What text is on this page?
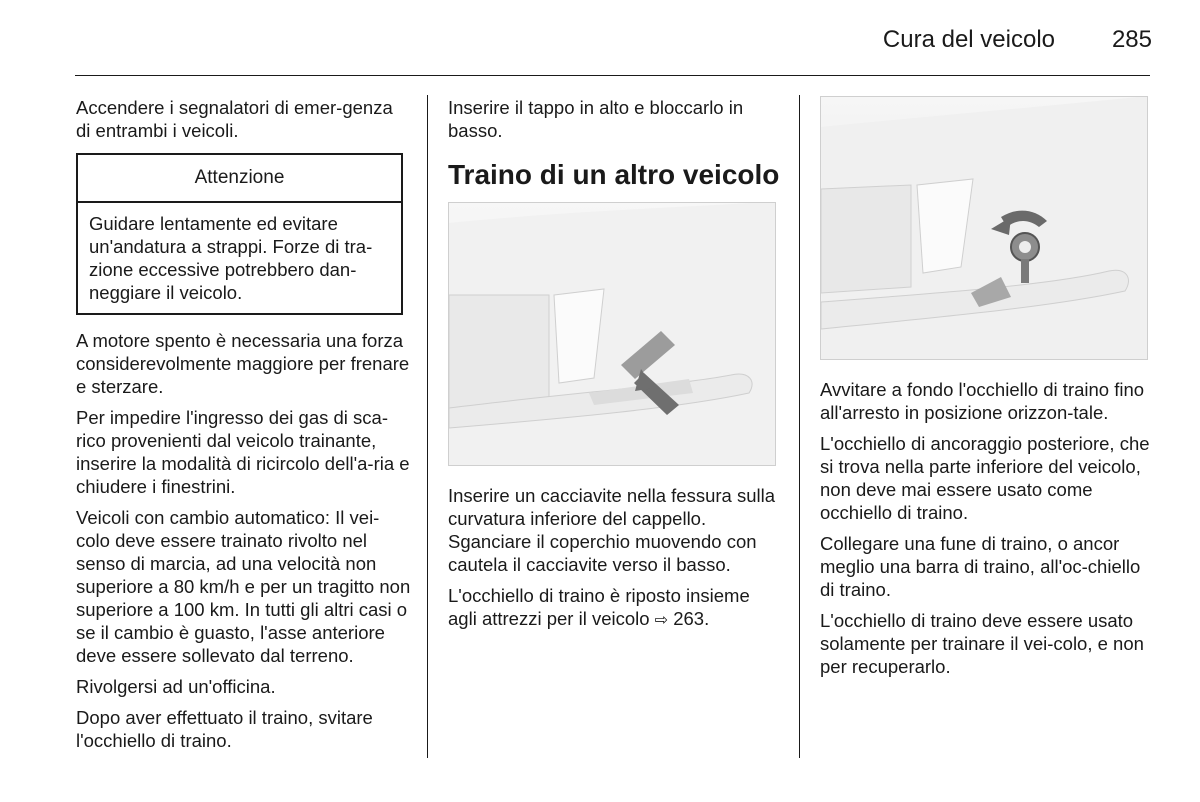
Cura del veicolo	285

Accendere i segnalatori di emer-genza di entrambi i veicoli.

Attenzione
Guidare lentamente ed evitare un'andatura a strappi. Forze di tra-zione eccessive potrebbero dan-neggiare il veicolo.

A motore spento è necessaria una forza considerevolmente maggiore per frenare e sterzare.

Per impedire l'ingresso dei gas di sca-rico provenienti dal veicolo trainante, inserire la modalità di ricircolo dell'a-ria e chiudere i finestrini.

Veicoli con cambio automatico: Il vei-colo deve essere trainato rivolto nel senso di marcia, ad una velocità non superiore a 80 km/h e per un tragitto non superiore a 100 km. In tutti gli altri casi o se il cambio è guasto, l'asse anteriore deve essere sollevato dal terreno.

Rivolgersi ad un'officina.

Dopo aver effettuato il traino, svitare l'occhiello di traino.

Inserire il tappo in alto e bloccarlo in basso.

Traino di un altro veicolo

Inserire un cacciavite nella fessura sulla curvatura inferiore del cappello. Sganciare il coperchio muovendo con cautela il cacciavite verso il basso.

L'occhiello di traino è riposto insieme agli attrezzi per il veicolo ⇨ 263.

Avvitare a fondo l'occhiello di traino fino all'arresto in posizione orizzon-tale.

L'occhiello di ancoraggio posteriore, che si trova nella parte inferiore del veicolo, non deve mai essere usato come occhiello di traino.

Collegare una fune di traino, o ancor meglio una barra di traino, all'oc-chiello di traino.

L'occhiello di traino deve essere usato solamente per trainare il vei-colo, e non per recuperarlo.
